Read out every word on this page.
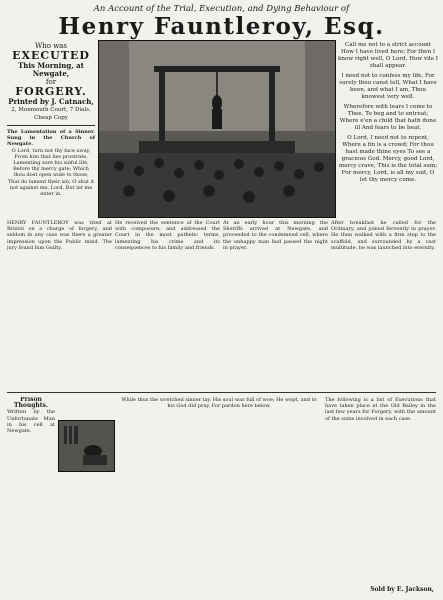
An Account of the Trial, Execution, and Dying Behaviour of
Henry Fauntleroy, Esq.
Who was
EXECUTED
This Morning, at Newgate,
for
FORGERY.
Printed by J. Catnach,
2, Monmouth Court, 7 Dials.
Cheap Copy
The Lamentation of a Sinner. Sung in the Church of Newgate.
O Lord, turn not thy face away, From him that lies prostrate, Lamenting sore his sinful life, Before thy mercy gate; Which thou dost open wide to those, That do lament their sin; O shut it not against me, Lord, But let me enter in.
Call me not to a strict account How I have lived here; For then I know right well, O Lord, How vile I shall appear.
I need not to confess my life, For surely thou canst tell, What I have been, and what I am, Thou knowest very well.
Wherefore with tears I come to Thee, To beg and to entreat; Where e'en a child that hath done ill And fears to be beat.
O Lord, I need not to repent, Where a fin is a crowd; For thou hast made thine eyes To see a gracious God. Mercy, good Lord, mercy crave, This is the total sum; For mercy, Lord, is all my suit, O let thy mercy come.
HENRY FAUNTLEROY was tried at Bristol on a charge of forgery, and seldom in any case was there a greater impression upon the Public mind. The jury found him Guilty.
He received the sentence of the Court with composure; and addressed the Court in the most pathetic terms, lamenting his crime and its consequences to his family and friends.
At an early hour this morning the Sheriffs arrived at Newgate, and proceeded to the condemned cell, where the unhappy man had passed the night in prayer.
After breakfast he called for the Ordinary, and joined fervently in prayer. He then walked with a firm step to the scaffold, and surrounded by a vast multitude, he was launched into eternity.
Prison Thoughts.
Written by the Unfortunate Man in his cell at Newgate.
While thus the wretched sinner lay, His soul was full of woe; He wept, and to his God did pray, For pardon here below.
The following is a list of Executions that have taken place at the Old Bailey in the last few years for Forgery, with the amount of the sums involved in each case.
Sold by E. Jackson,
